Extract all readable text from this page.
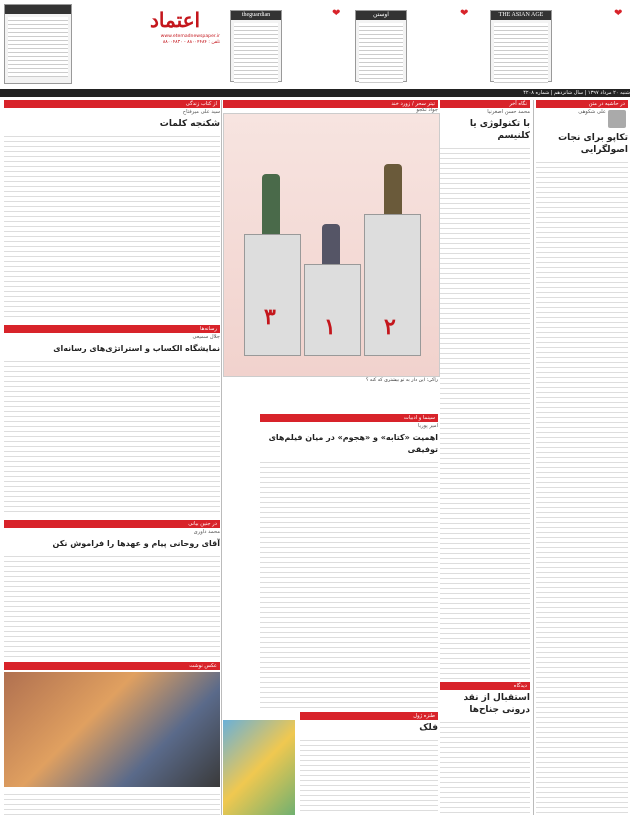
اعتماد
www.etemadnewspaper.ir
تلفن : ۸۸۰۰۴۴۸۴ - ۸۸۰۰۴۸۳۰
theguardian	❤	اوستن	❤	THE ASIAN AGE	❤
شنبه ۲۰ مرداد ۱۳۹۷ | سال شانزدهم | شماره ۴۲۰۸
در حاشیه در متن
علی شکوهی
تکاپو برای نجات اصولگرایی
نگاه آخر
محمد حسن اصغرنیا
با تکنولوژی یا کلنیسم
دیدگاه
استقبال از نقد درونی جناح‌ها
تیتر سحر / زورد خند
جواد تکجو
۳ ۱ ۲
راکی: این دار به تو بیشتری که کنه ؟
سینما و ادبیات
امیر پوریا
اهمیت «کتابه» و «هجوم» در میان فیلم‌های توفیقی
طنزه ژول
فلک
از کتاب زندگی
سید علی میرفتاح
شکنجه کلمات
رسانه‌ها
جلال سمیعی
نمایشگاه الکساب و استراتژی‌های رسانه‌ای
در جنین بیانی
محمد داوری
آقای روحانی پیام و عهدها را فراموش نکن
عکس نوشت
